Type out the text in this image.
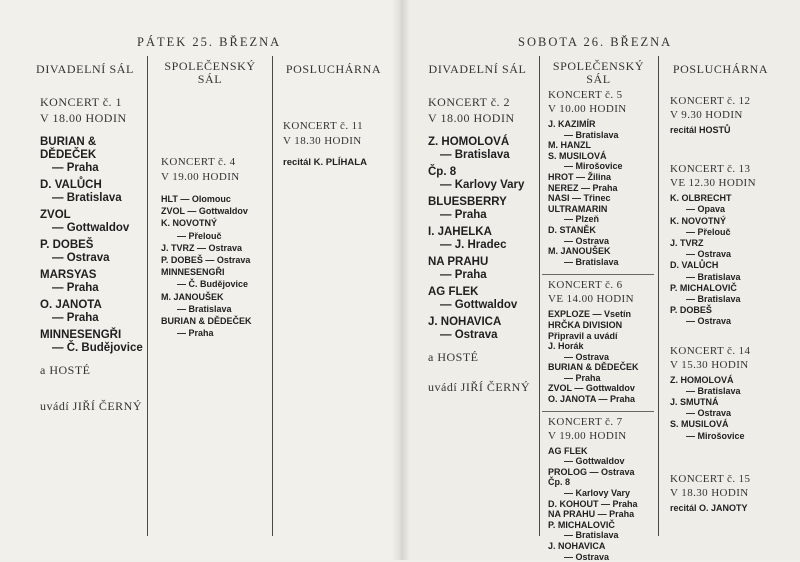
PÁTEK 25. BŘEZNA
DIVADELNÍ SÁL	SPOLEČENSKÝ
SÁL
POSLUCHÁRNA
KONCERT č. 1
V 18.00 HODIN
BURIAN &
DĚDEČEK
— Praha
D. VALŮCH
— Bratislava
ZVOL
— Gottwaldov
P. DOBEŠ
— Ostrava
MARSYAS
— Praha
O. JANOTA
— Praha
MINNESENGŘI
— Č. Budějovice
a HOSTÉ
uvádí JIŘÍ ČERNÝ
KONCERT č. 4
V 19.00 HODIN
HLT — Olomouc
ZVOL — Gottwaldov
K. NOVOTNÝ
— Přelouč
J. TVRZ — Ostrava
P. DOBEŠ — Ostrava
MINNESENGŘI
— Č. Budějovice
M. JANOUŠEK
— Bratislava
BURIAN & DĚDEČEK
— Praha
KONCERT č. 11
V 18.30 HODIN
recitál K. PLÍHALA
SOBOTA 26. BŘEZNA
DIVADELNÍ SÁL	SPOLEČENSKÝ
SÁL
POSLUCHÁRNA
KONCERT č. 2
V 18.00 HODIN
Z. HOMOLOVÁ
— Bratislava
Čp. 8
— Karlovy Vary
BLUESBERRY
— Praha
I. JAHELKA
— J. Hradec
NA PRAHU
— Praha
AG FLEK
— Gottwaldov
J. NOHAVICA
— Ostrava
a HOSTÉ
uvádí JIŘÍ ČERNÝ
KONCERT č. 5
V 10.00 HODIN
J. KAZIMÍR
— Bratislava
M. HANZL
S. MUSILOVÁ
— Mirošovice
HROT — Žilina
NEREZ — Praha
NASI — Třinec
ULTRAMARIN
— Plzeň
D. STANĚK
— Ostrava
M. JANOUŠEK
— Bratislava
KONCERT č. 6
VE 14.00 HODIN
EXPLOZE — Vsetín
HRČKA DIVISION
Připravil a uvádí
J. Horák
— Ostrava
BURIAN & DĚDEČEK
— Praha
ZVOL — Gottwaldov
O. JANOTA — Praha
KONCERT č. 7
V 19.00 HODIN
AG FLEK
— Gottwaldov
PROLOG — Ostrava
Čp. 8
— Karlovy Vary
D. KOHOUT — Praha
NA PRAHU — Praha
P. MICHALOVIČ
— Bratislava
J. NOHAVICA
— Ostrava
KONCERT č. 12
V 9.30 HODIN
recitál HOSTŮ
KONCERT č. 13
VE 12.30 HODIN
K. OLBRECHT
— Opava
K. NOVOTNÝ
— Přelouč
J. TVRZ
— Ostrava
D. VALŮCH
— Bratislava
P. MICHALOVIČ
— Bratislava
P. DOBEŠ
— Ostrava
KONCERT č. 14
V 15.30 HODIN
Z. HOMOLOVÁ
— Bratislava
J. SMUTNÁ
— Ostrava
S. MUSILOVÁ
— Mirošovice
KONCERT č. 15
V 18.30 HODIN
recitál O. JANOTY
